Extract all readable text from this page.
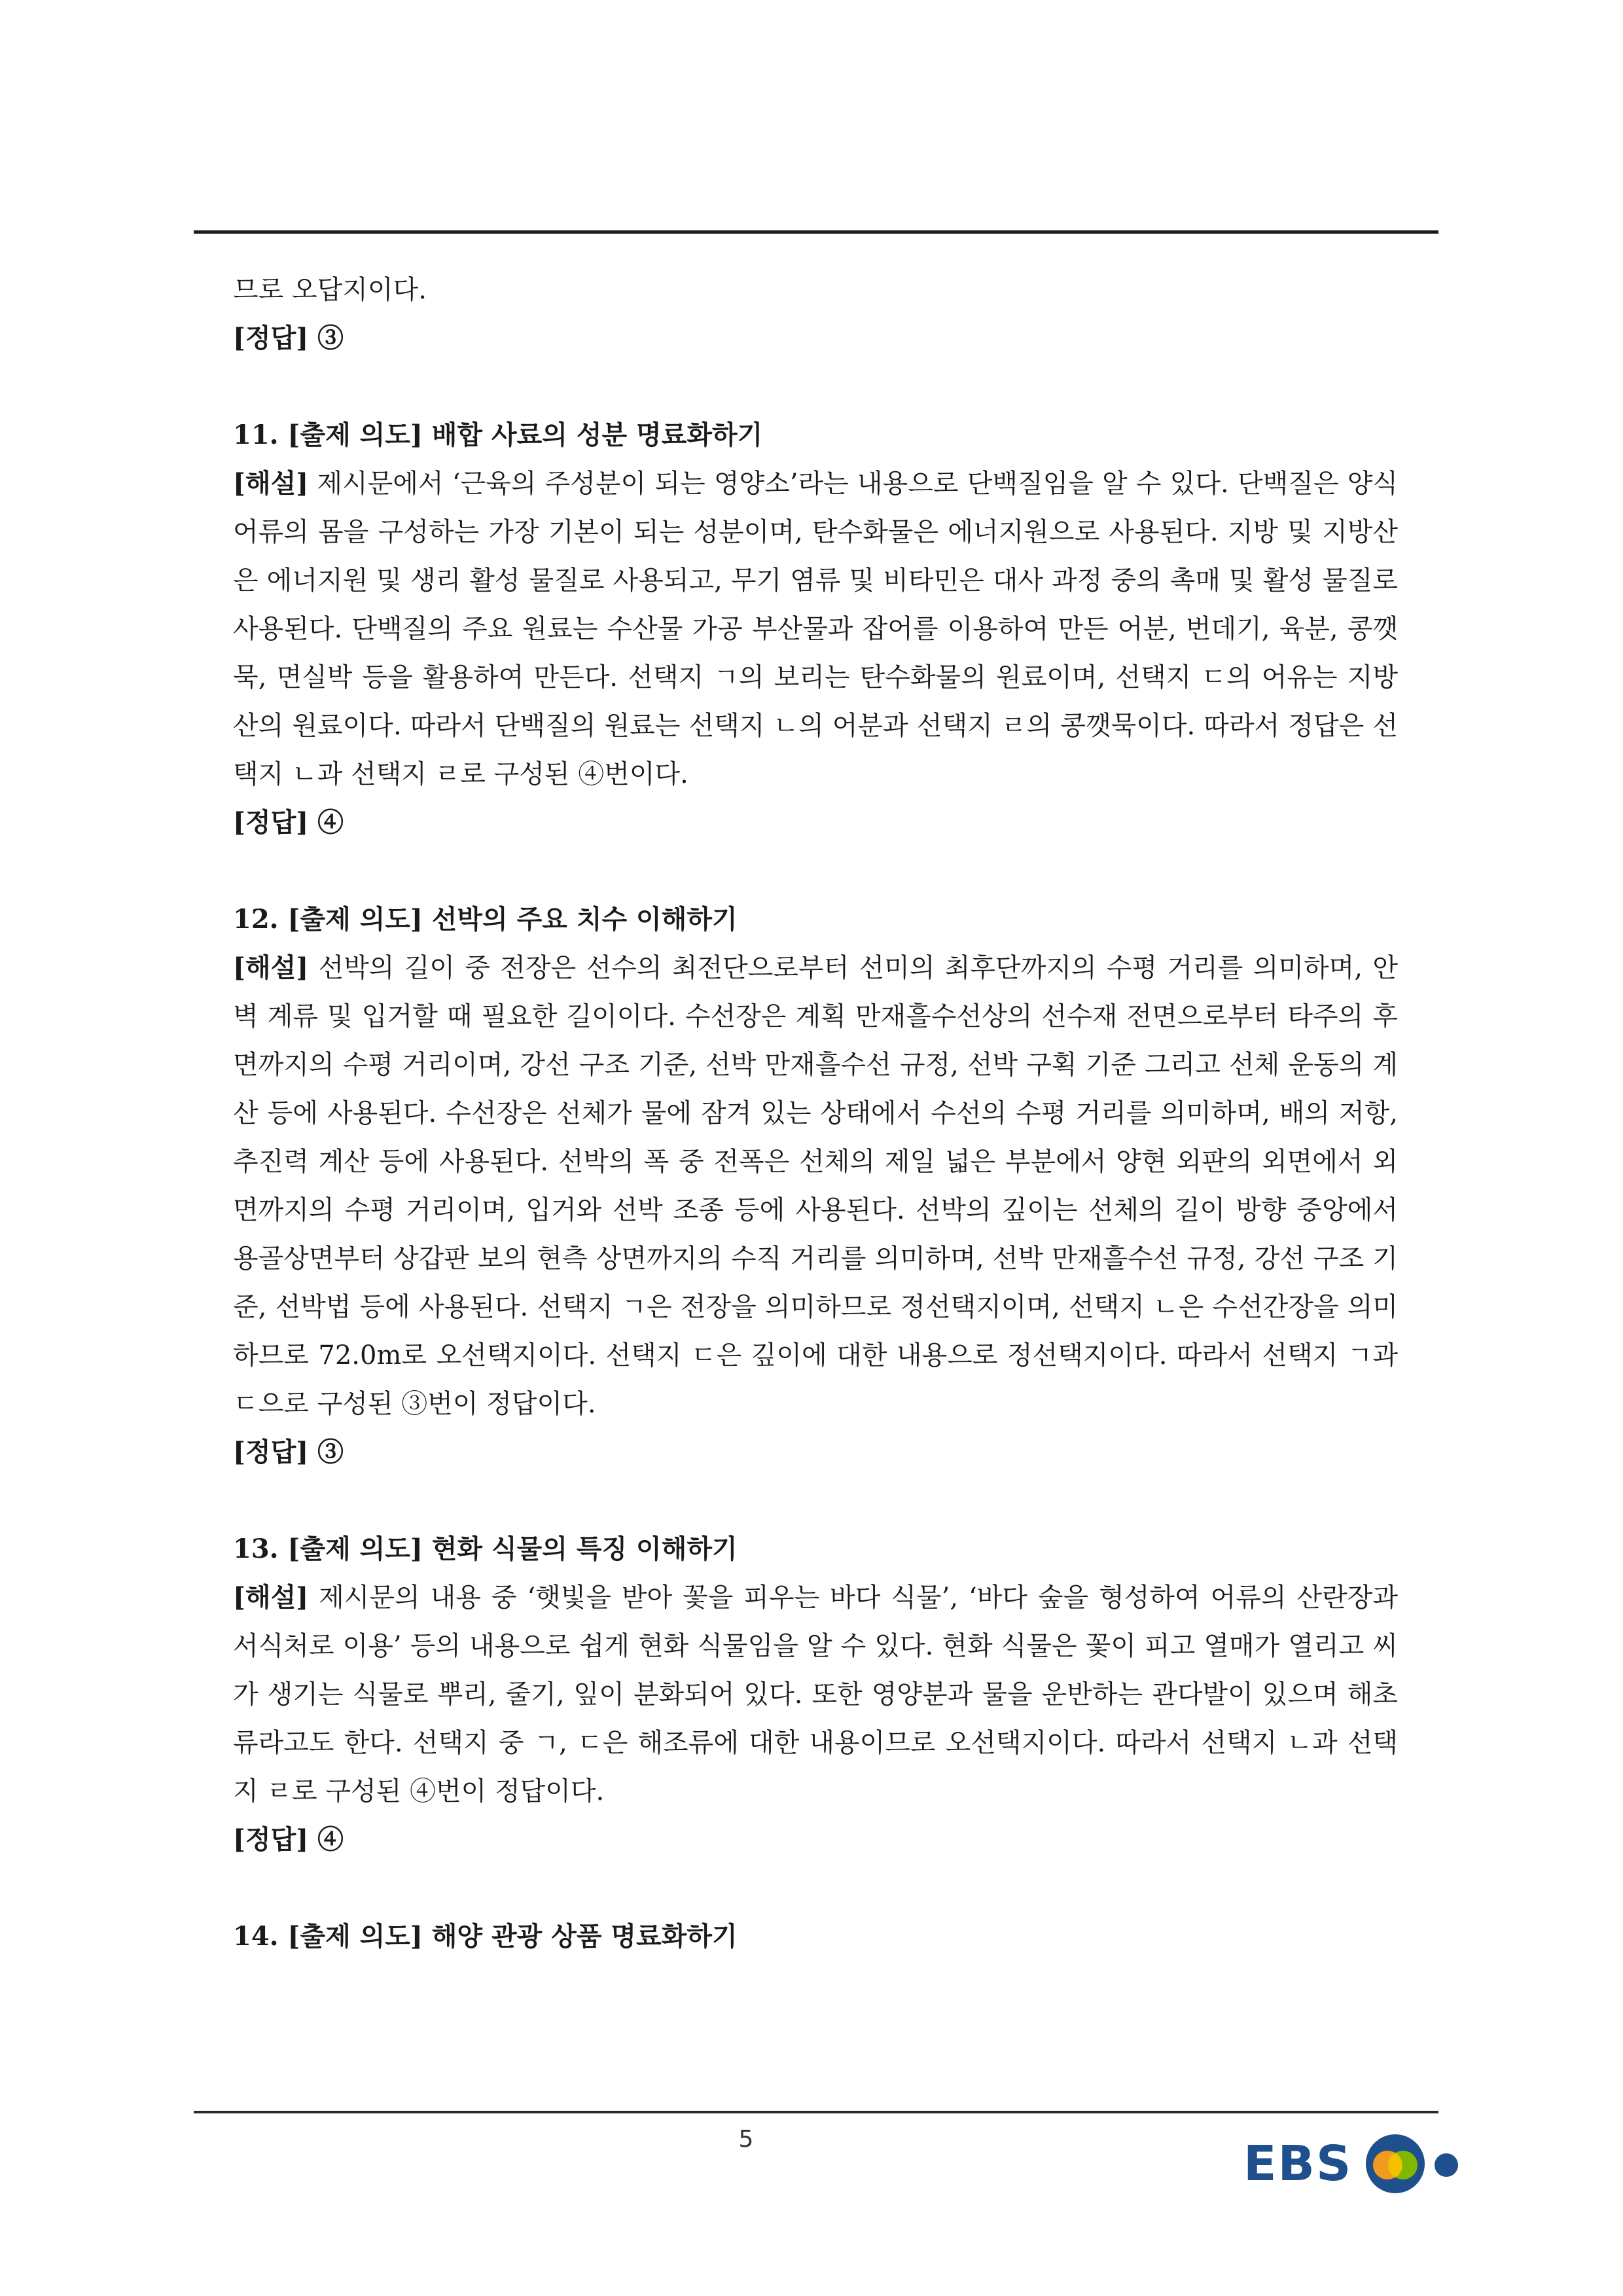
므로 오답지이다.

[정답] ③

11. [출제 의도] 배합 사료의 성분 명료화하기

[해설] 제시문에서 ‘근육의 주성분이 되는 영양소’라는 내용으로 단백질임을 알 수 있다. 단백질은 양식 어류의 몸을 구성하는 가장 기본이 되는 성분이며, 탄수화물은 에너지원으로 사용된다. 지방 및 지방산은 에너지원 및 생리 활성 물질로 사용되고, 무기 염류 및 비타민은 대사 과정 중의 촉매 및 활성 물질로 사용된다. 단백질의 주요 원료는 수산물 가공 부산물과 잡어를 이용하여 만든 어분, 번데기, 육분, 콩깻묵, 면실박 등을 활용하여 만든다. 선택지 ㄱ의 보리는 탄수화물의 원료이며, 선택지 ㄷ의 어유는 지방산의 원료이다. 따라서 단백질의 원료는 선택지 ㄴ의 어분과 선택지 ㄹ의 콩깻묵이다. 따라서 정답은 선택지 ㄴ과 선택지 ㄹ로 구성된 ④번이다.

[정답] ④

12. [출제 의도] 선박의 주요 치수 이해하기

[해설] 선박의 길이 중 전장은 선수의 최전단으로부터 선미의 최후단까지의 수평 거리를 의미하며, 안벽 계류 및 입거할 때 필요한 길이이다. 수선장은 계획 만재흘수선상의 선수재 전면으로부터 타주의 후면까지의 수평 거리이며, 강선 구조 기준, 선박 만재흘수선 규정, 선박 구획 기준 그리고 선체 운동의 계산 등에 사용된다. 수선장은 선체가 물에 잠겨 있는 상태에서 수선의 수평 거리를 의미하며, 배의 저항, 추진력 계산 등에 사용된다. 선박의 폭 중 전폭은 선체의 제일 넓은 부분에서 양현 외판의 외면에서 외면까지의 수평 거리이며, 입거와 선박 조종 등에 사용된다. 선박의 깊이는 선체의 길이 방향 중앙에서 용골상면부터 상갑판 보의 현측 상면까지의 수직 거리를 의미하며, 선박 만재흘수선 규정, 강선 구조 기준, 선박법 등에 사용된다. 선택지 ㄱ은 전장을 의미하므로 정선택지이며, 선택지 ㄴ은 수선간장을 의미하므로 72.0m로 오선택지이다. 선택지 ㄷ은 깊이에 대한 내용으로 정선택지이다. 따라서 선택지 ㄱ과 ㄷ으로 구성된 ③번이 정답이다.

[정답] ③

13. [출제 의도] 현화 식물의 특징 이해하기

[해설] 제시문의 내용 중 ‘햇빛을 받아 꽃을 피우는 바다 식물’, ‘바다 숲을 형성하여 어류의 산란장과 서식처로 이용’ 등의 내용으로 쉽게 현화 식물임을 알 수 있다. 현화 식물은 꽃이 피고 열매가 열리고 씨가 생기는 식물로 뿌리, 줄기, 잎이 분화되어 있다. 또한 영양분과 물을 운반하는 관다발이 있으며 해초류라고도 한다. 선택지 중 ㄱ, ㄷ은 해조류에 대한 내용이므로 오선택지이다. 따라서 선택지 ㄴ과 선택지 ㄹ로 구성된 ④번이 정답이다.

[정답] ④

14. [출제 의도] 해양 관광 상품 명료화하기

5	EBS
